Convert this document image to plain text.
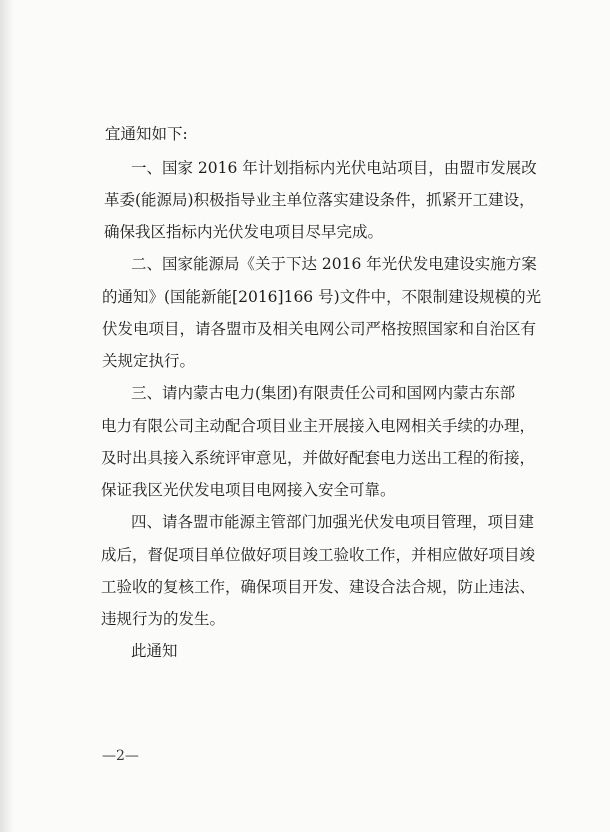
宜通知如下:

一、国家 2016 年计划指标内光伏电站项目，由盟市发展改

革委(能源局)积极指导业主单位落实建设条件，抓紧开工建设，

确保我区指标内光伏发电项目尽早完成。

二、国家能源局《关于下达 2016 年光伏发电建设实施方案

的通知》(国能新能[2016]166 号)文件中，不限制建设规模的光

伏发电项目，请各盟市及相关电网公司严格按照国家和自治区有

关规定执行。

三、请内蒙古电力(集团)有限责任公司和国网内蒙古东部

电力有限公司主动配合项目业主开展接入电网相关手续的办理，

及时出具接入系统评审意见，并做好配套电力送出工程的衔接，

保证我区光伏发电项目电网接入安全可靠。

四、请各盟市能源主管部门加强光伏发电项目管理，项目建

成后，督促项目单位做好项目竣工验收工作，并相应做好项目竣

工验收的复核工作，确保项目开发、建设合法合规，防止违法、

违规行为的发生。

此通知

—2—
